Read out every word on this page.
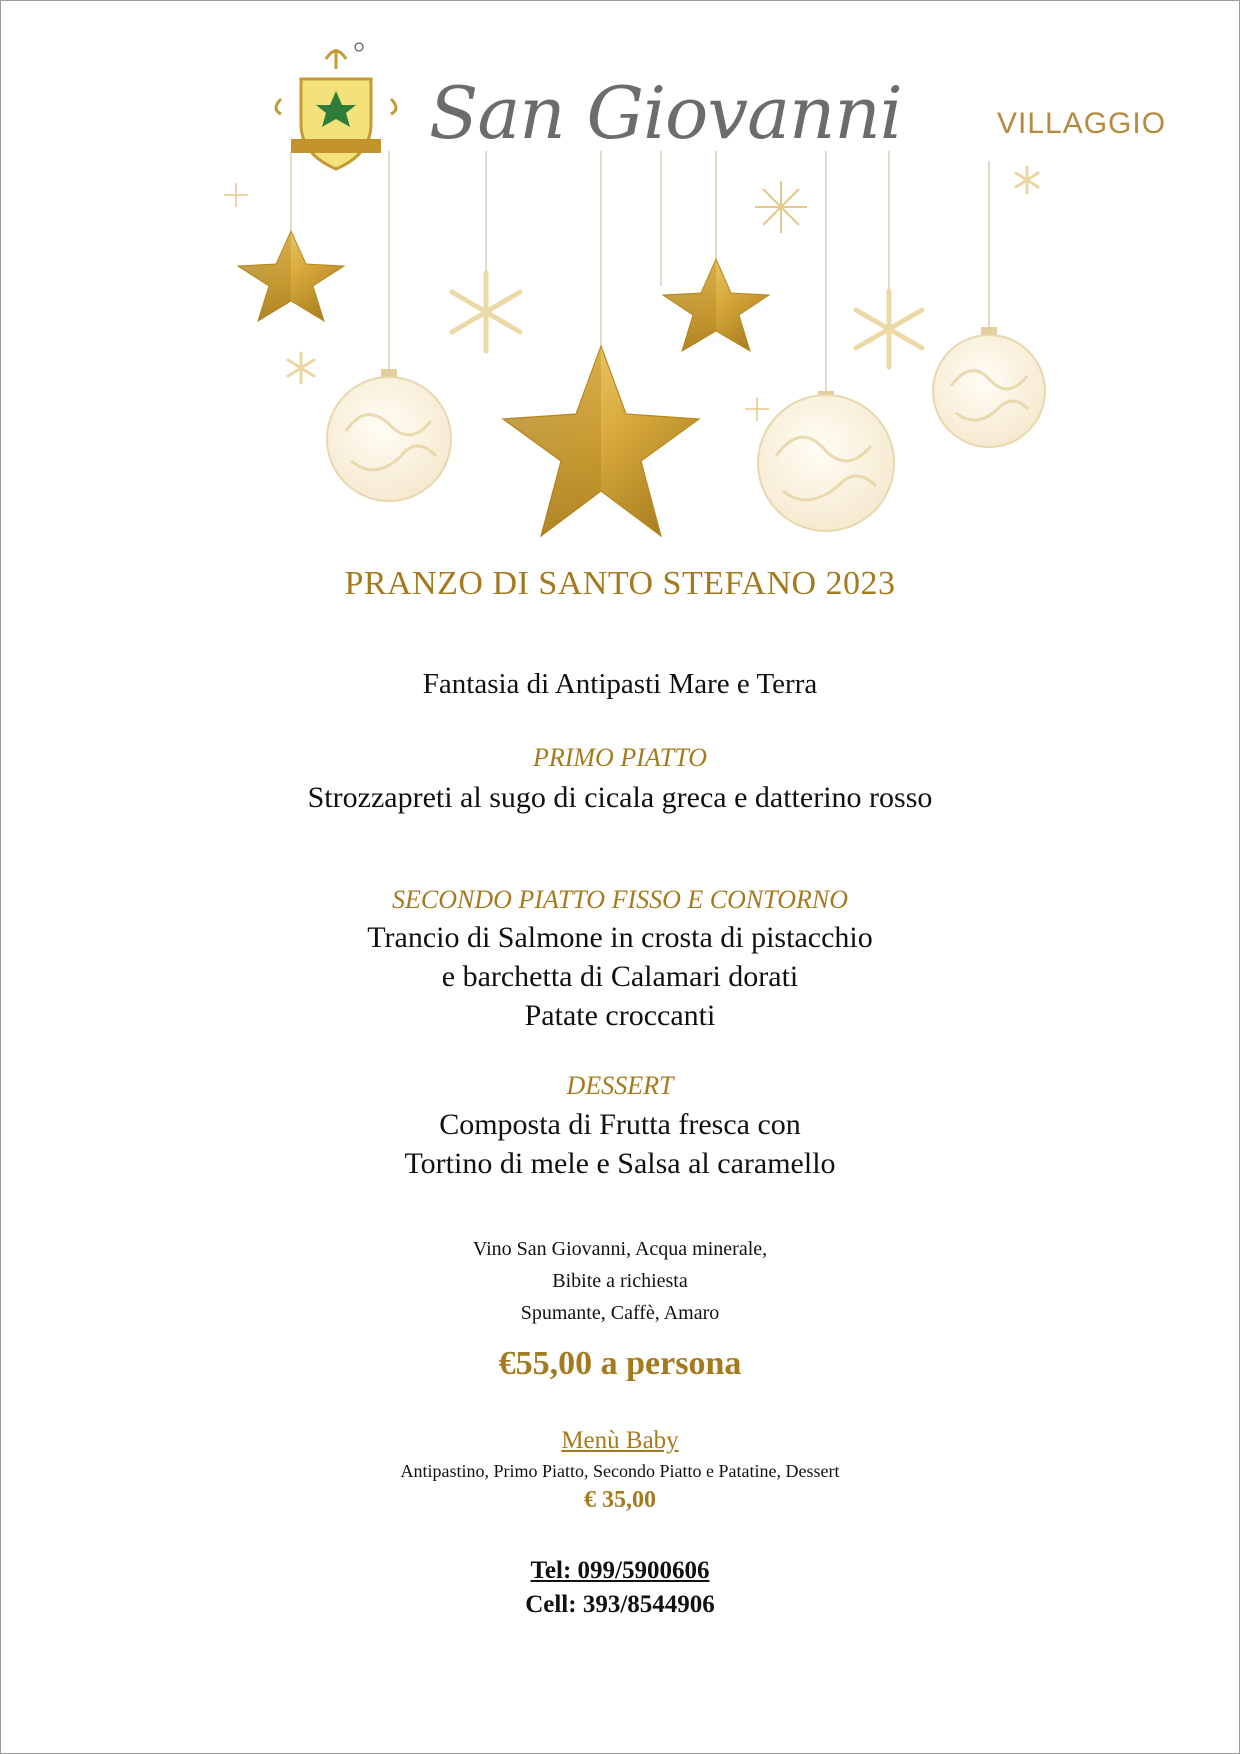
VILLAGGIO
San Giovanni
PRANZO DI SANTO STEFANO 2023
Fantasia di Antipasti Mare e Terra
PRIMO PIATTO
Strozzapreti al sugo di cicala greca e datterino rosso
SECONDO PIATTO FISSO E CONTORNO
Trancio di Salmone in crosta di pistacchio
e barchetta di Calamari dorati
Patate croccanti
DESSERT
Composta di Frutta fresca con
Tortino di mele e Salsa al caramello
Vino San Giovanni, Acqua minerale,
Bibite a richiesta
Spumante, Caffè, Amaro
€55,00 a persona
Menù Baby
Antipastino, Primo Piatto, Secondo Piatto e Patatine, Dessert
€ 35,00
Tel: 099/5900606
Cell: 393/8544906
